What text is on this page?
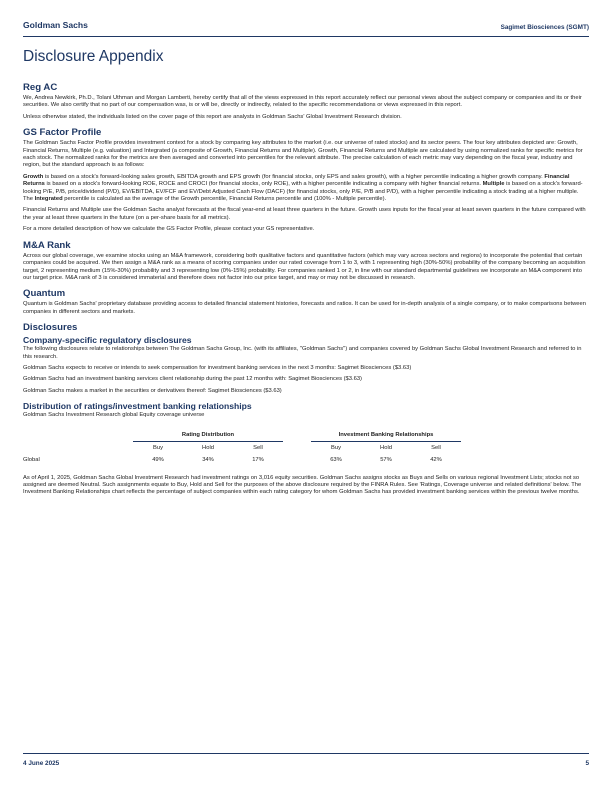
Goldman Sachs	Sagimet Biosciences (SGMT)
Disclosure Appendix
Reg AC

We, Andrea Newkirk, Ph.D., Tolani Uthman and Morgan Lamberti, hereby certify that all of the views expressed in this report accurately reflect our personal views about the subject company or companies and its or their securities. We also certify that no part of our compensation was, is or will be, directly or indirectly, related to the specific recommendations or views expressed in this report.

Unless otherwise stated, the individuals listed on the cover page of this report are analysts in Goldman Sachs' Global Investment Research division.

GS Factor Profile

The Goldman Sachs Factor Profile provides investment context for a stock by comparing key attributes to the market (i.e. our universe of rated stocks) and its sector peers. The four key attributes depicted are: Growth, Financial Returns, Multiple (e.g. valuation) and Integrated (a composite of Growth, Financial Returns and Multiple). Growth, Financial Returns and Multiple are calculated by using normalized ranks for specific metrics for each stock. The normalized ranks for the metrics are then averaged and converted into percentiles for the relevant attribute. The precise calculation of each metric may vary depending on the fiscal year, industry and region, but the standard approach is as follows:

Growth is based on a stock's forward-looking sales growth, EBITDA growth and EPS growth (for financial stocks, only EPS and sales growth), with a higher percentile indicating a higher growth company. Financial Returns is based on a stock's forward-looking ROE, ROCE and CROCI (for financial stocks, only ROE), with a higher percentile indicating a company with higher financial returns. Multiple is based on a stock's forward-looking P/E, P/B, price/dividend (P/D), EV/EBITDA, EV/FCF and EV/Debt Adjusted Cash Flow (DACF) (for financial stocks, only P/E, P/B and P/D), with a higher percentile indicating a stock trading at a higher multiple. The Integrated percentile is calculated as the average of the Growth percentile, Financial Returns percentile and (100% - Multiple percentile).

Financial Returns and Multiple use the Goldman Sachs analyst forecasts at the fiscal year-end at least three quarters in the future. Growth uses inputs for the fiscal year at least seven quarters in the future compared with the year at least three quarters in the future (on a per-share basis for all metrics).

For a more detailed description of how we calculate the GS Factor Profile, please contact your GS representative.

M&A Rank

Across our global coverage, we examine stocks using an M&A framework, considering both qualitative factors and quantitative factors (which may vary across sectors and regions) to incorporate the potential that certain companies could be acquired. We then assign a M&A rank as a means of scoring companies under our rated coverage from 1 to 3, with 1 representing high (30%-50%) probability of the company becoming an acquisition target, 2 representing medium (15%-30%) probability and 3 representing low (0%-15%) probability. For companies ranked 1 or 2, in line with our standard departmental guidelines we incorporate an M&A component into our target price. M&A rank of 3 is considered immaterial and therefore does not factor into our price target, and may or may not be discussed in research.

Quantum

Quantum is Goldman Sachs' proprietary database providing access to detailed financial statement histories, forecasts and ratios. It can be used for in-depth analysis of a single company, or to make comparisons between companies in different sectors and markets.

Disclosures
Company-specific regulatory disclosures

The following disclosures relate to relationships between The Goldman Sachs Group, Inc. (with its affiliates, "Goldman Sachs") and companies covered by Goldman Sachs Global Investment Research and referred to in this research.

Goldman Sachs expects to receive or intends to seek compensation for investment banking services in the next 3 months: Sagimet Biosciences ($3.63)

Goldman Sachs had an investment banking services client relationship during the past 12 months with: Sagimet Biosciences ($3.63)

Goldman Sachs makes a market in the securities or derivatives thereof: Sagimet Biosciences ($3.63)

Distribution of ratings/investment banking relationships

Goldman Sachs Investment Research global Equity coverage universe

	Rating Distribution				Investment Banking Relationships		
	Buy	Hold	Sell		Buy	Hold	Sell
Global	49%	34%	17%		63%	57%	42%

As of April 1, 2025, Goldman Sachs Global Investment Research had investment ratings on 3,016 equity securities. Goldman Sachs assigns stocks as Buys and Sells on various regional Investment Lists; stocks not so assigned are deemed Neutral. Such assignments equate to Buy, Hold and Sell for the purposes of the above disclosure required by the FINRA Rules. See 'Ratings, Coverage universe and related definitions' below. The Investment Banking Relationships chart reflects the percentage of subject companies within each rating category for whom Goldman Sachs has provided investment banking services within the previous twelve months.

4 June 2025	5
